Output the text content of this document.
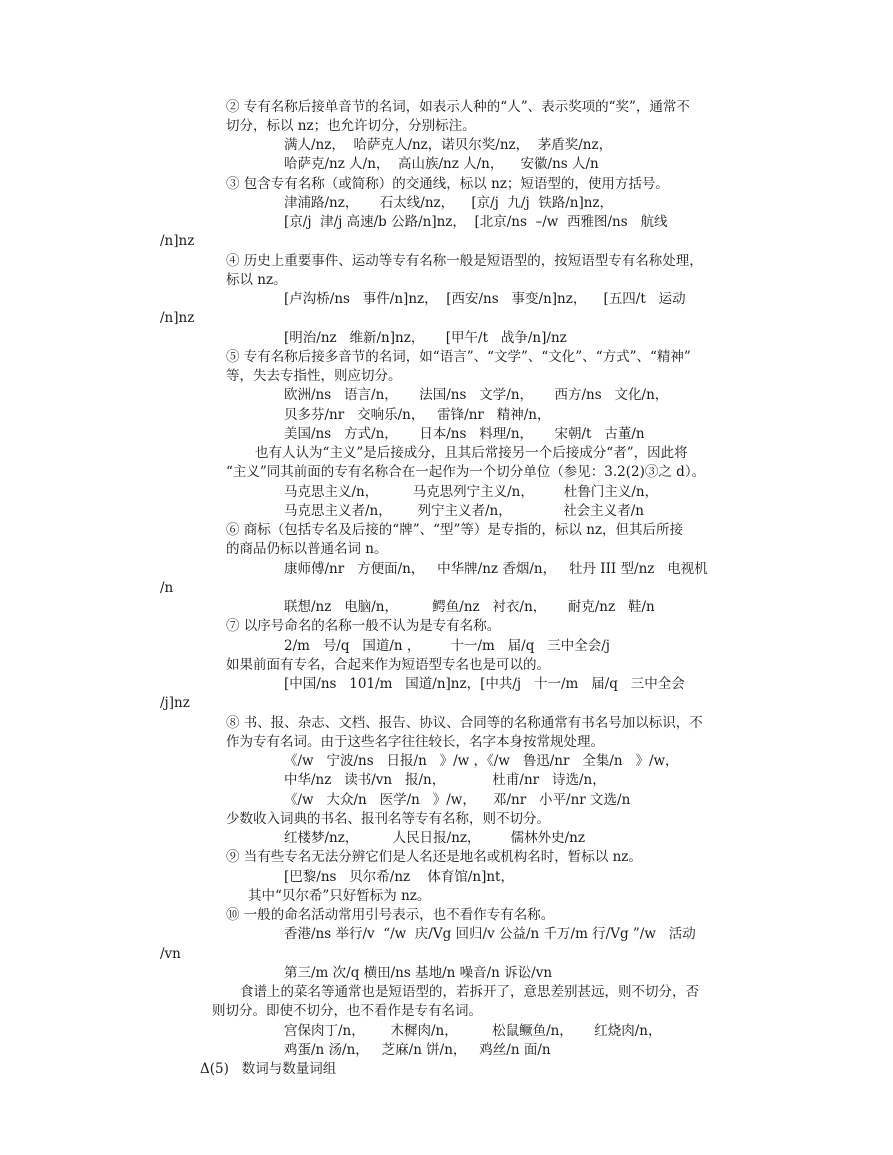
② 专有名称后接单音节的名词，如表示人种的“人”、表示奖项的“奖”，通常不
切分，标以 nz；也允许切分，分别标注。
满人/nz，  哈萨克人/nz，诺贝尔奖/nz，  茅盾奖/nz，
哈萨克/nz 人/n，  高山族/nz 人/n，    安徽/ns 人/n
③ 包含专有名称（或简称）的交通线，标以 nz；短语型的，使用方括号。
津浦路/nz，     石太线/nz，    [京/j  九/j  铁路/n]nz，
[京/j  津/j 高速/b 公路/n]nz，  [北京/ns  –/w  西雅图/ns   航线
/n]nz
④ 历史上重要事件、运动等专有名称一般是短语型的，按短语型专有名称处理，
标以 nz。
[卢沟桥/ns   事件/n]nz，  [西安/ns   事变/n]nz，    [五四/t   运动
/n]nz
[明治/nz   维新/n]nz，     [甲午/t   战争/n]/nz
⑤ 专有名称后接多音节的名词，如“语言”、“文学”、“文化”、“方式”、“精神”
等，失去专指性，则应切分。
欧洲/ns   语言/n，     法国/ns   文学/n，     西方/ns   文化/n，
贝多芬/nr   交响乐/n，   雷锋/nr   精神/n，
美国/ns   方式/n，     日本/ns   料理/n，     宋朝/t   古董/n
也有人认为“主义”是后接成分，且其后常接另一个后接成分“者”，因此将
“主义”同其前面的专有名称合在一起作为一个切分单位（参见：3.2(2)③之 d）。
马克思主义/n，        马克思列宁主义/n，       杜鲁门主义/n，
马克思主义者/n，      列宁主义者/n，            社会主义者/n
⑥ 商标（包括专名及后接的“牌”、“型”等）是专指的，标以 nz，但其后所接
的商品仍标以普通名词 n。
康师傅/nr   方便面/n，   中华牌/nz 香烟/n，   牡丹 III 型/nz   电视机
/n
联想/nz   电脑/n，        鳄鱼/nz   衬衣/n，     耐克/nz   鞋/n
⑦ 以序号命名的名称一般不认为是专有名称。
2/m   号/q   国道/n ，       十一/m   届/q   三中全会/j
如果前面有专名，合起来作为短语型专名也是可以的。
[中国/ns   101/m   国道/n]nz，[中共/j   十一/m   届/q   三中全会
/j]nz
⑧ 书、报、杂志、文档、报告、协议、合同等的名称通常有书名号加以标识，不
作为专有名词。由于这些名字往往较长，名字本身按常规处理。
《/w   宁波/ns   日报/n   》/w ，《/w   鲁迅/nr   全集/n   》/w，
中华/nz   读书/vn   报/n，           杜甫/nr   诗选/n，
《/w   大众/n   医学/n   》/w，    邓/nr   小平/nr 文选/n
少数收入词典的书名、报刊名等专有名称，则不切分。
红楼梦/nz，        人民日报/nz，       儒林外史/nz
⑨ 当有些专名无法分辨它们是人名还是地名或机构名时，暂标以 nz。
[巴黎/ns   贝尔希/nz    体育馆/n]nt，
其中“贝尔希”只好暂标为 nz。
⑩ 一般的命名活动常用引号表示，也不看作专有名称。
香港/ns 举行/v  “/w  庆/Vg 回归/v 公益/n 千万/m 行/Vg ”/w   活动
/vn
第三/m 次/q 横田/ns 基地/n 噪音/n 诉讼/vn
食谱上的菜名等通常也是短语型的，若拆开了，意思差别甚远，则不切分，否
则切分。即使不切分，也不看作是专有名词。
宫保肉丁/n，      木樨肉/n，        松鼠鳜鱼/n，     红烧肉/n，
鸡蛋/n 汤/n，   芝麻/n 饼/n，   鸡丝/n 面/n
Δ(5)   数词与数量词组
